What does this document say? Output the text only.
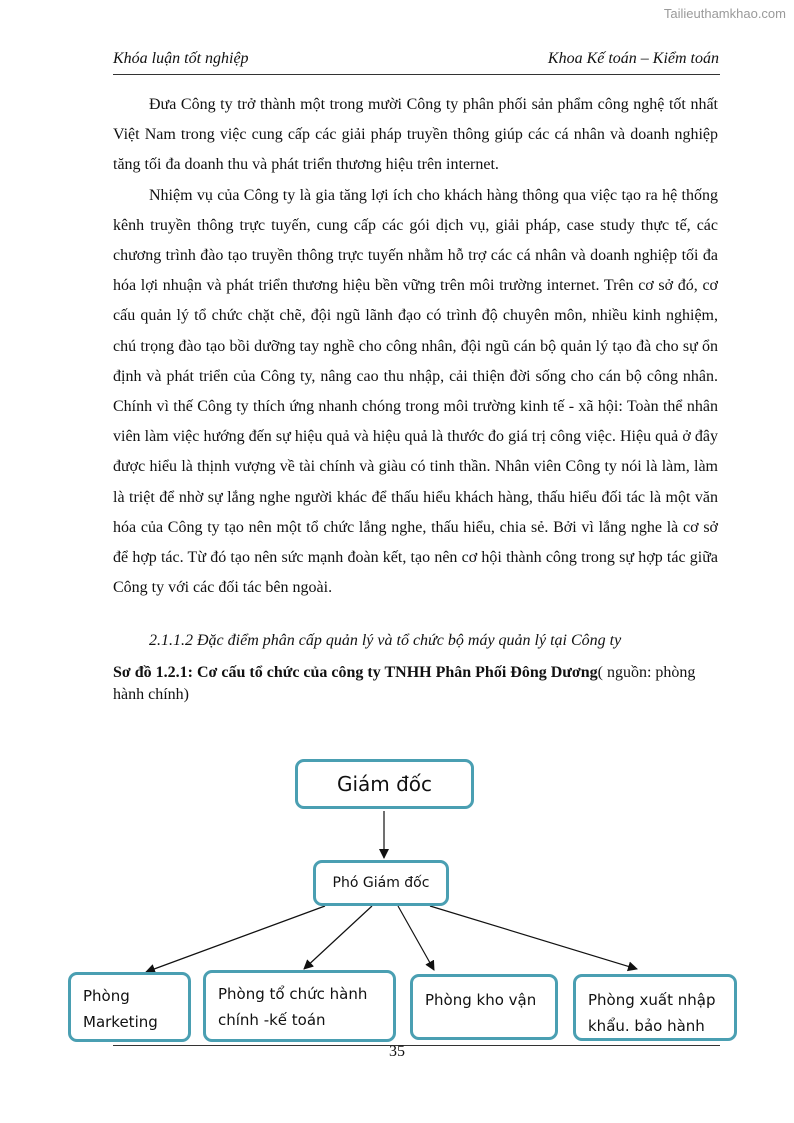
Tailieuthamkhao.com
Khóa luận tốt nghiệp	Khoa Kế toán – Kiểm toán

Đưa Công ty trở thành một trong mười Công ty phân phối sản phẩm công nghệ tốt nhất Việt Nam trong việc cung cấp các giải pháp truyền thông giúp các cá nhân và doanh nghiệp tăng tối đa doanh thu và phát triển thương hiệu trên internet.

Nhiệm vụ của Công ty là gia tăng lợi ích cho khách hàng thông qua việc tạo ra hệ thống kênh truyền thông trực tuyến, cung cấp các gói dịch vụ, giải pháp, case study thực tế, các chương trình đào tạo truyền thông trực tuyến nhằm hỗ trợ các cá nhân và doanh nghiệp tối đa hóa lợi nhuận và phát triển thương hiệu bền vững trên môi trường internet. Trên cơ sở đó, cơ cấu quản lý tổ chức chặt chẽ, đội ngũ lãnh đạo có trình độ chuyên môn, nhiều kinh nghiệm, chú trọng đào tạo bồi dưỡng tay nghề cho công nhân, đội ngũ cán bộ quản lý tạo đà cho sự ổn định và phát triển của Công ty, nâng cao thu nhập, cải thiện đời sống cho cán bộ công nhân. Chính vì thế Công ty thích ứng nhanh chóng trong môi trường kinh tế - xã hội: Toàn thể nhân viên làm việc hướng đến sự hiệu quả và hiệu quả là thước đo giá trị công việc. Hiệu quả ở đây được hiểu là thịnh vượng về tài chính và giàu có tinh thần. Nhân viên Công ty nói là làm, làm là triệt để nhờ sự lắng nghe người khác để thấu hiểu khách hàng, thấu hiểu đối tác là một văn hóa của Công ty tạo nên một tổ chức lắng nghe, thấu hiểu, chia sẻ. Bởi vì lắng nghe là cơ sở để hợp tác. Từ đó tạo nên sức mạnh đoàn kết, tạo nên cơ hội thành công trong sự hợp tác giữa Công ty với các đối tác bên ngoài.

2.1.1.2 Đặc điểm phân cấp quản lý và tổ chức bộ máy quản lý tại Công ty
Sơ đồ 1.2.1: Cơ cấu tổ chức của công ty TNHH Phân Phối Đông Dương( nguồn: phòng hành chính)
Giám đốc
Phó Giám đốc
Phòng
Marketing
Phòng tổ chức hành
chính -kế toán
Phòng kho vận	Phòng xuất nhập
khẩu. bảo hành
35
